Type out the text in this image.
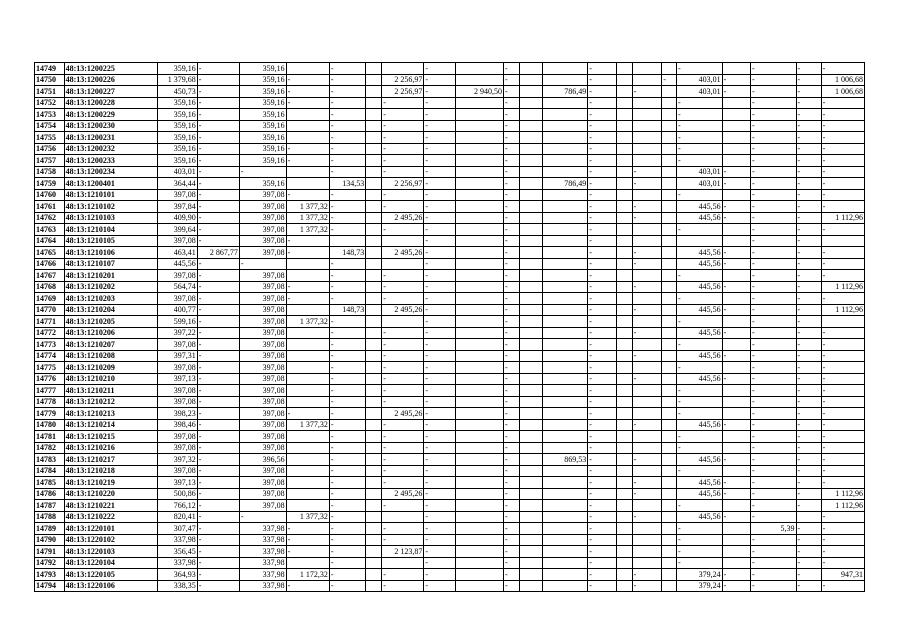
14749	48:13:1200225	359,16	-	359,16		-			-		-			-				-		-	-	-
14750	48:13:1200226	1 379,68	-	359,16	-	-		2 256,97	-		-			-			-	403,01	-	-	-	1 006,68
14751	48:13:1200227	450,73	-	359,16	-	-		2 256,97	-	2 940,50	-		786,49	-		-		403,01	-	-	-	1 006,68
14752	48:13:1200228	359,16	-	359,16	-	-		-	-		-			-				-		-	-	-
14753	48:13:1200229	359,16	-	359,16		-		-	-		-			-				-		-	-	-
14754	48:13:1200230	359,16	-	359,16		-		-	-		-			-				-		-	-	-
14755	48:13:1200231	359,16	-	359,16		-		-	-		-			-				-		-	-	-
14756	48:13:1200232	359,16	-	359,16	-	-		-	-		-			-				-		-	-	-
14757	48:13:1200233	359,16	-	359,16	-	-		-	-		-			-				-		-	-	-
14758	48:13:1200234	403,01	-	-		-		-	-		-			-		-		403,01	-	-	-	-
14759	48:13:1200401	364,44	-	359,16		134,53		2 256,97	-		-		786,49	-		-		403,01	-	-	-	-
14760	48:13:1210101	397,08	-	397,08	-	-		-	-		-			-				-		-	-	-
14761	48:13:1210102	397,84	-	397,08	1 377,32	-		-	-		-			-		-		445,56	-	-	-	-
14762	48:13:1210103	409,90	-	397,08	1 377,32	-		2 495,26	-		-			-		-		445,56	-	-	-	1 112,96
14763	48:13:1210104	399,64	-	397,08	1 377,32	-		-	-		-			-				-		-	-	-
14764	48:13:1210105	397,08	-	397,08	-				-		-			-						-	-	
14765	48:13:1210106	463,41	2 867,77	397,08	-	148,73		2 495,26	-		-			-		-		445,56	-	-	-	-
14766	48:13:1210107	445,56	-	-		-			-		-			-		-		445,56	-	-	-	-
14767	48:13:1210201	397,08	-	397,08		-		-	-		-			-				-		-	-	-
14768	48:13:1210202	564,74	-	397,08	-	-		-	-		-			-		-		445,56	-	-	-	1 112,96
14769	48:13:1210203	397,08	-	397,08	-	-		-	-		-			-				-		-	-	-
14770	48:13:1210204	400,77	-	397,08		148,73		2 495,26	-		-			-		-		445,56	-	-	-	1 112,96
14771	48:13:1210205	599,16	-	397,08	1 377,32	-			-		-			-				-		-	-	
14772	48:13:1210206	397,22	-	397,08		-		-	-		-			-		-		445,56	-	-	-	-
14773	48:13:1210207	397,08	-	397,08		-		-	-		-			-				-		-	-	-
14774	48:13:1210208	397,31	-	397,08		-		-	-		-			-		-		445,56	-	-	-	-
14775	48:13:1210209	397,08	-	397,08		-		-	-		-			-				-		-	-	-
14776	48:13:1210210	397,13	-	397,08		-		-	-		-			-		-		445,56	-	-	-	-
14777	48:13:1210211	397,08	-	397,08		-		-	-		-			-				-		-	-	-
14778	48:13:1210212	397,08	-	397,08		-		-	-		-			-				-		-	-	-
14779	48:13:1210213	398,23	-	397,08	-	-		2 495,26	-		-			-				-		-	-	-
14780	48:13:1210214	398,46	-	397,08	1 377,32	-		-	-		-			-		-		445,56	-	-	-	-
14781	48:13:1210215	397,08	-	397,08		-		-	-		-			-				-		-	-	-
14782	48:13:1210216	397,08	-	397,08		-		-	-		-			-				-		-	-	-
14783	48:13:1210217	397,32	-	396,56		-		-	-		-		869,53	-		-		445,56	-	-	-	-
14784	48:13:1210218	397,08	-	397,08		-		-	-		-			-				-		-	-	-
14785	48:13:1210219	397,13	-	397,08		-		-	-		-			-		-		445,56	-	-	-	-
14786	48:13:1210220	500,86	-	397,08		-		2 495,26	-		-			-		-		445,56	-	-	-	1 112,96
14787	48:13:1210221	766,12	-	397,08		-		-	-		-			-				-		-	-	1 112,96
14788	48:13:1210222	820,41	-	-	1 377,32	-			-		-			-		-		445,56	-	-		-
14789	48:13:1220101	307,47	-	337,98	-	-		-	-		-			-				-		5,39	-	-
14790	48:13:1220102	337,98	-	337,98	-	-		-	-		-			-				-		-	-	-
14791	48:13:1220103	356,45	-	337,98	-	-		2 123,87	-		-			-				-		-	-	-
14792	48:13:1220104	337,98	-	337,98		-			-		-			-				-		-	-	-
14793	48:13:1220105	364,93	-	337,98	1 172,32	-		-	-		-			-		-		379,24	-	-	-	947,31
14794	48:13:1220106	338,35	-	337,98	-	-		-	-		-			-		-		379,24	-	-	-	-
